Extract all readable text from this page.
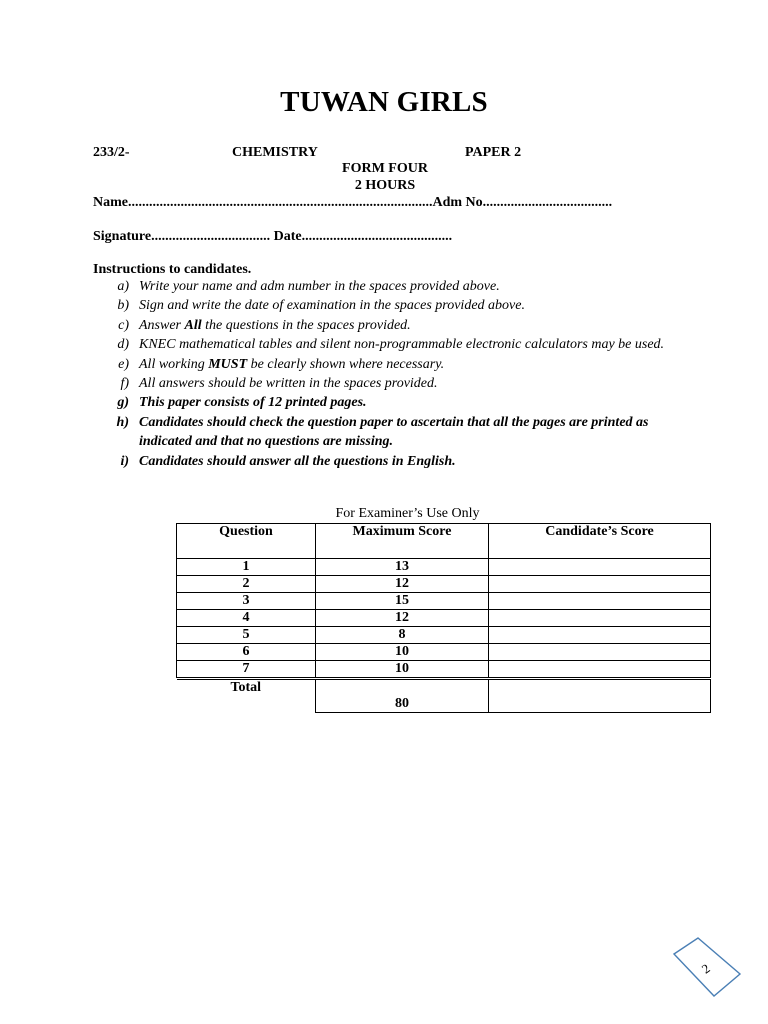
TUWAN GIRLS
233/2-	CHEMISTRY	PAPER 2
FORM FOUR
2 HOURS
Name.......................................................................................Adm No.....................................
Signature.................................. Date...........................................
Instructions to candidates.
a) Write your name and adm number in the spaces provided above.
b) Sign and write the date of examination in the spaces provided above.
c) Answer All the questions in the spaces provided.
d) KNEC mathematical tables and silent non-programmable electronic calculators may be used.
e) All working MUST be clearly shown where necessary.
f) All answers should be written in the spaces provided.
g) This paper consists of 12 printed pages.
h) Candidates should check the question paper to ascertain that all the pages are printed as indicated and that no questions are missing.
i) Candidates should answer all the questions in English.
For Examiner’s Use Only
Question	Maximum Score	Candidate’s Score
1	13	
2	12	
3	15	
4	12	
5	8	
6	10	
7	10	

Total	80	
2
